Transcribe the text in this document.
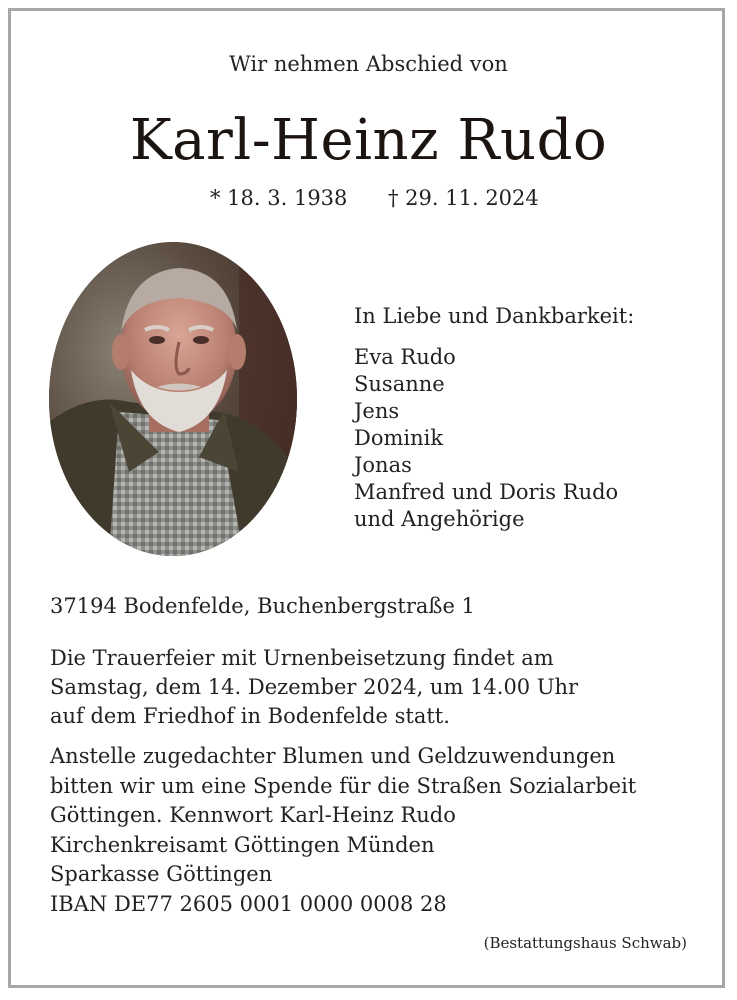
Wir nehmen Abschied von
Karl-Heinz Rudo
* 18. 3. 1938 † 29. 11. 2024
In Liebe und Dankbarkeit:
Eva Rudo
Susanne
Jens
Dominik
Jonas
Manfred und Doris Rudo
und Angehörige
37194 Bodenfelde, Buchenbergstraße 1
Die Trauerfeier mit Urnenbeisetzung findet am
Samstag, dem 14. Dezember 2024, um 14.00 Uhr
auf dem Friedhof in Bodenfelde statt.
Anstelle zugedachter Blumen und Geldzuwendungen
bitten wir um eine Spende für die Straßen Sozialarbeit
Göttingen. Kennwort Karl-Heinz Rudo
Kirchenkreisamt Göttingen Münden
Sparkasse Göttingen
IBAN DE77 2605 0001 0000 0008 28
(Bestattungshaus Schwab)
